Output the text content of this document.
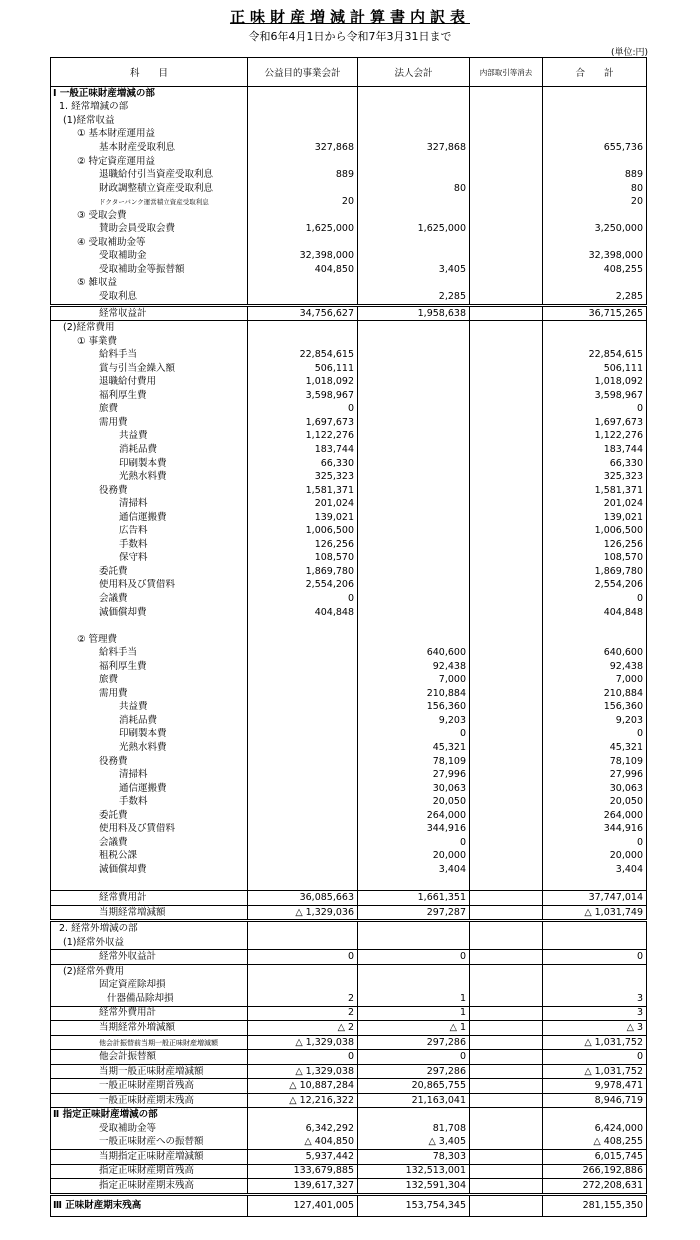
正味財産増減計算書内訳表
令和6年4月1日から令和7年3月31日まで
(単位:円)
科　　目	公益目的事業会計	法人会計	内部取引等消去	合　　計
Ⅰ 一般正味財産増減の部				
1. 経常増減の部				
(1)経常収益				
① 基本財産運用益				
基本財産受取利息	327,868	327,868		655,736
② 特定資産運用益				
退職給付引当資産受取利息	889			889
財政調整積立資産受取利息		80		80
ドクターバンク運営積立資産受取利息	20			20
③ 受取会費				
賛助会員受取会費	1,625,000	1,625,000		3,250,000
④ 受取補助金等				
受取補助金	32,398,000			32,398,000
受取補助金等振替額	404,850	3,405		408,255
⑤ 雑収益				
受取利息		2,285		2,285
経常収益計	34,756,627	1,958,638		36,715,265
(2)経常費用				
① 事業費				
給料手当	22,854,615			22,854,615
賞与引当金繰入額	506,111			506,111
退職給付費用	1,018,092			1,018,092
福利厚生費	3,598,967			3,598,967
旅費	0			0
需用費	1,697,673			1,697,673
共益費	1,122,276			1,122,276
消耗品費	183,744			183,744
印刷製本費	66,330			66,330
光熱水料費	325,323			325,323
役務費	1,581,371			1,581,371
清掃料	201,024			201,024
通信運搬費	139,021			139,021
広告料	1,006,500			1,006,500
手数料	126,256			126,256
保守料	108,570			108,570
委託費	1,869,780			1,869,780
使用料及び賃借料	2,554,206			2,554,206
会議費	0			0
減価償却費	404,848			404,848

② 管理費				
給料手当		640,600		640,600
福利厚生費		92,438		92,438
旅費		7,000		7,000
需用費		210,884		210,884
共益費		156,360		156,360
消耗品費		9,203		9,203
印刷製本費		0		0
光熱水料費		45,321		45,321
役務費		78,109		78,109
清掃料		27,996		27,996
通信運搬費		30,063		30,063
手数料		20,050		20,050
委託費		264,000		264,000
使用料及び賃借料		344,916		344,916
会議費		0		0
租税公課		20,000		20,000
減価償却費		3,404		3,404

経常費用計	36,085,663	1,661,351		37,747,014
当期経常増減額	△ 1,329,036	297,287		△ 1,031,749
2. 経常外増減の部				
(1)経常外収益				
経常外収益計	0	0		0
(2)経常外費用				
固定資産除却損				
什器備品除却損	2	1		3
経常外費用計	2	1		3
当期経常外増減額	△ 2	△ 1		△ 3
他会計振替前当期一般正味財産増減額	△ 1,329,038	297,286		△ 1,031,752
他会計振替額	0	0		0
当期一般正味財産増減額	△ 1,329,038	297,286		△ 1,031,752
一般正味財産期首残高	△ 10,887,284	20,865,755		9,978,471
一般正味財産期末残高	△ 12,216,322	21,163,041		8,946,719
Ⅱ 指定正味財産増減の部				
受取補助金等	6,342,292	81,708		6,424,000
一般正味財産への振替額	△ 404,850	△ 3,405		△ 408,255
当期指定正味財産増減額	5,937,442	78,303		6,015,745
指定正味財産期首残高	133,679,885	132,513,001		266,192,886
指定正味財産期末残高	139,617,327	132,591,304		272,208,631
Ⅲ 正味財産期末残高	127,401,005	153,754,345		281,155,350
